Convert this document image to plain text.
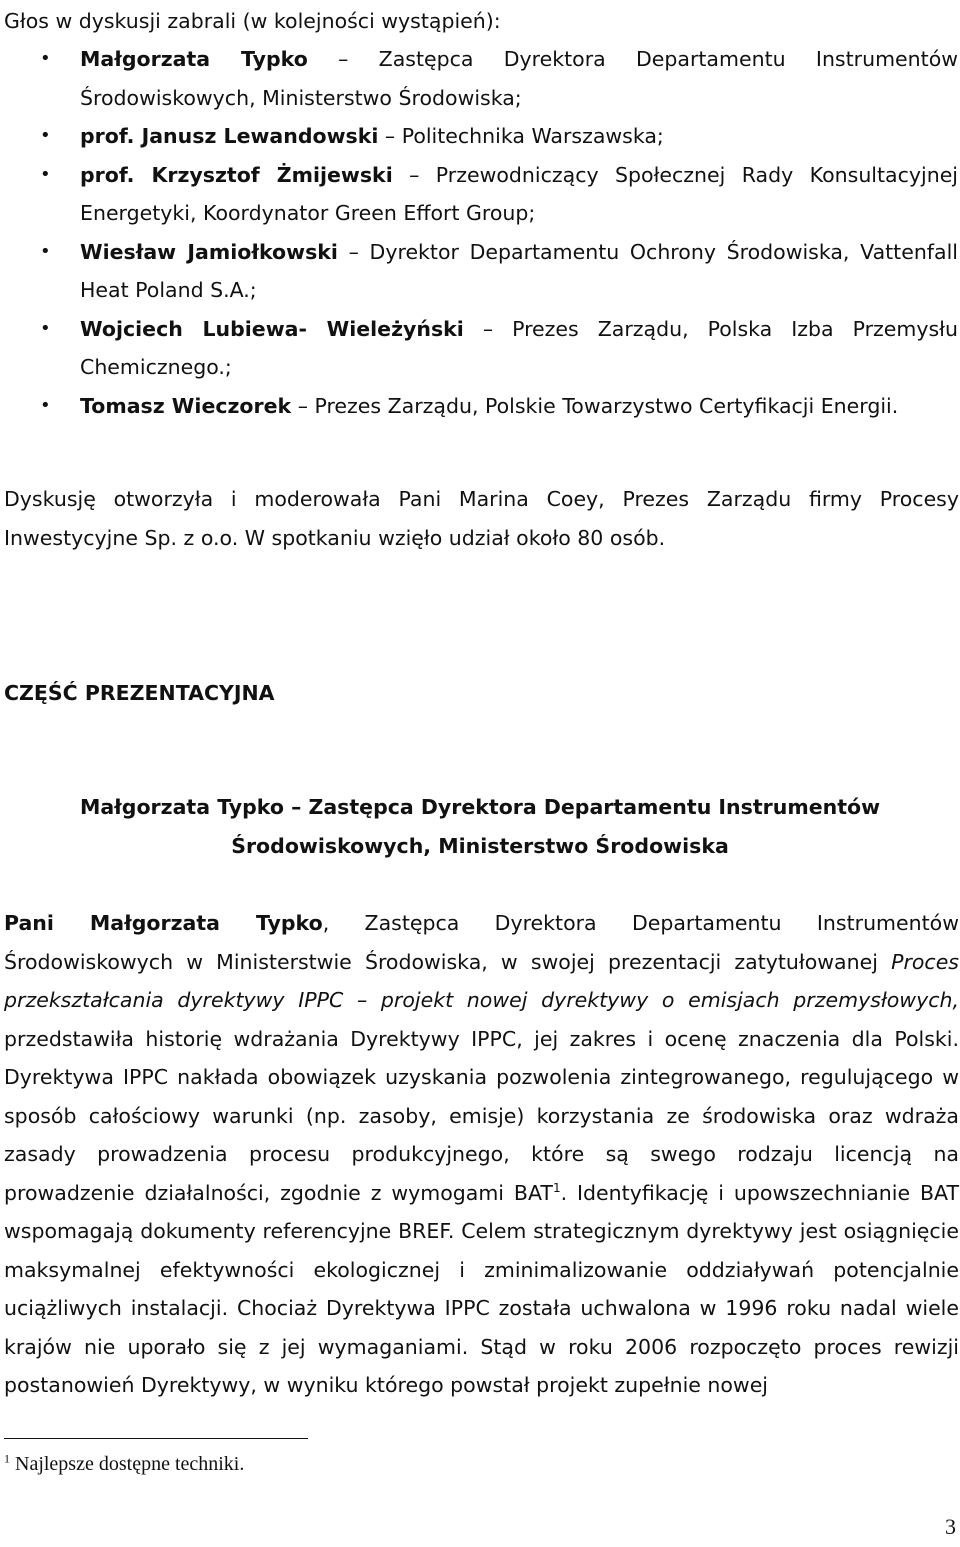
Głos w dyskusji zabrali (w kolejności wystąpień):
• Małgorzata Typko – Zastępca Dyrektora Departamentu Instrumentów Środowiskowych, Ministerstwo Środowiska;
• prof. Janusz Lewandowski – Politechnika Warszawska;
• prof. Krzysztof Żmijewski – Przewodniczący Społecznej Rady Konsultacyjnej Energetyki, Koordynator Green Effort Group;
• Wiesław Jamiołkowski – Dyrektor Departamentu Ochrony Środowiska, Vattenfall Heat Poland S.A.;
• Wojciech Lubiewa- Wieleżyński – Prezes Zarządu, Polska Izba Przemysłu Chemicznego.;
• Tomasz Wieczorek – Prezes Zarządu, Polskie Towarzystwo Certyfikacji Energii.

Dyskusję otworzyła i moderowała Pani Marina Coey, Prezes Zarządu firmy Procesy Inwestycyjne Sp. z o.o. W spotkaniu wzięło udział około 80 osób.

CZĘŚĆ PREZENTACYJNA
Małgorzata Typko – Zastępca Dyrektora Departamentu Instrumentów Środowiskowych, Ministerstwo Środowiska

Pani Małgorzata Typko, Zastępca Dyrektora Departamentu Instrumentów Środowiskowych w Ministerstwie Środowiska, w swojej prezentacji zatytułowanej Proces przekształcania dyrektywy IPPC – projekt nowej dyrektywy o emisjach przemysłowych, przedstawiła historię wdrażania Dyrektywy IPPC, jej zakres i ocenę znaczenia dla Polski. Dyrektywa IPPC nakłada obowiązek uzyskania pozwolenia zintegrowanego, regulującego w sposób całościowy warunki (np. zasoby, emisje) korzystania ze środowiska oraz wdraża zasady prowadzenia procesu produkcyjnego, które są swego rodzaju licencją na prowadzenie działalności, zgodnie z wymogami BAT$^1$. Identyfikację i upowszechnianie BAT wspomagają dokumenty referencyjne BREF. Celem strategicznym dyrektywy jest osiągnięcie maksymalnej efektywności ekologicznej i zminimalizowanie oddziaływań potencjalnie uciążliwych instalacji. Chociaż Dyrektywa IPPC została uchwalona w 1996 roku nadal wiele krajów nie uporało się z jej wymaganiami. Stąd w roku 2006 rozpoczęto proces rewizji postanowień Dyrektywy, w wyniku którego powstał projekt zupełnie nowej

$^1$ Najlepsze dostępne techniki.
3
